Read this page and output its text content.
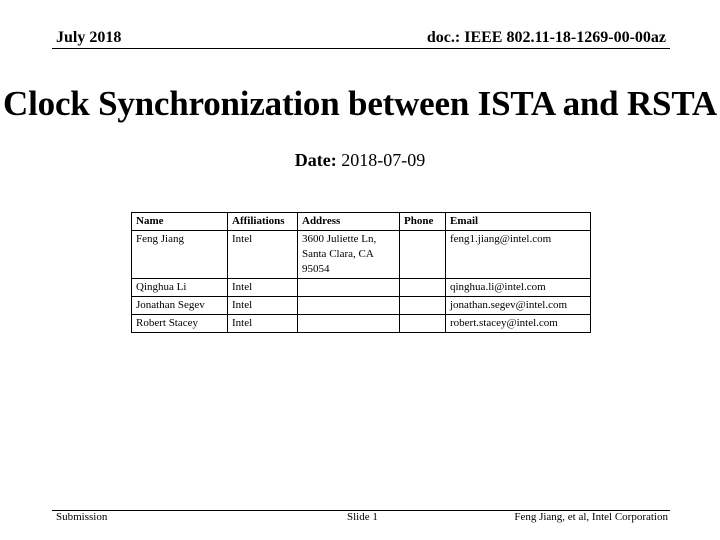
July 2018	doc.: IEEE 802.11-18-1269-00-00az
Clock Synchronization between ISTA and RSTA
Date: 2018-07-09
Name	Affiliations	Address	Phone	Email
Feng Jiang	Intel	3600 Juliette Ln, Santa Clara, CA 95054		feng1.jiang@intel.com
Qinghua Li	Intel			qinghua.li@intel.com
Jonathan Segev	Intel			jonathan.segev@intel.com
Robert Stacey	Intel			robert.stacey@intel.com
Submission	Slide 1	Feng Jiang, et al, Intel Corporation
